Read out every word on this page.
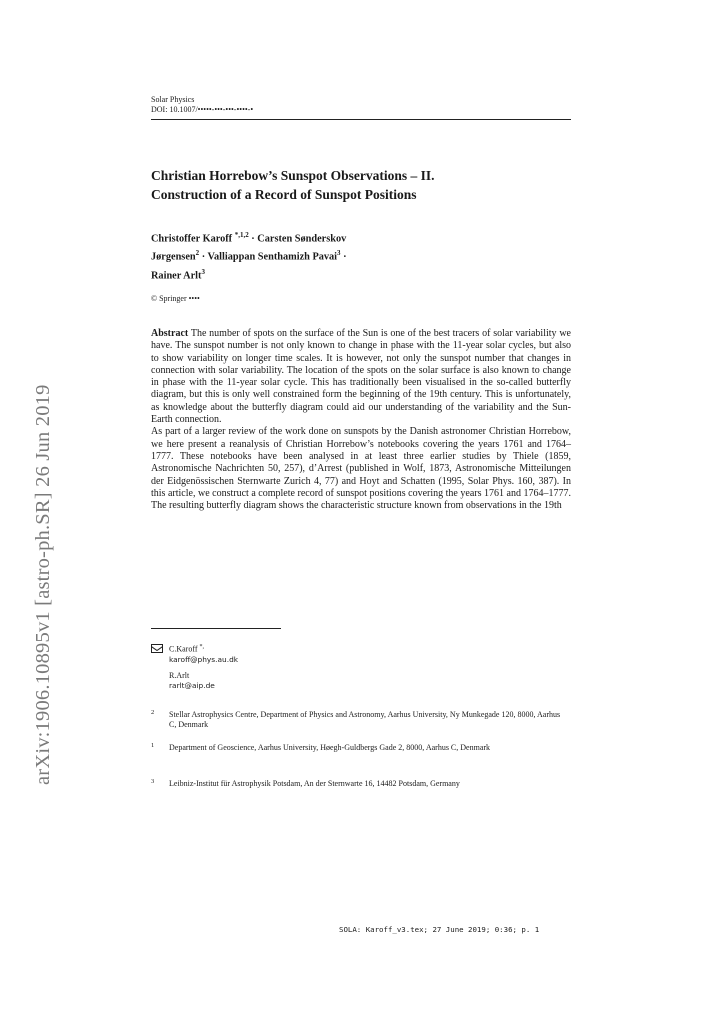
arXiv:1906.10895v1 [astro-ph.SR] 26 Jun 2019
Solar Physics
DOI: 10.1007/•••••-•••-•••-••••-•
Christian Horrebow’s Sunspot Observations – II.
Construction of a Record of Sunspot Positions
Christoffer Karoff $^{*,1,2}$ · Carsten Sønderskov
Jørgensen$^2$ · Valliappan Senthamizh Pavai$^3$ ·
Rainer Arlt$^3$
© Springer ••••

Abstract The number of spots on the surface of the Sun is one of the best tracers of solar variability we have. The sunspot number is not only known to change in phase with the 11-year solar cycles, but also to show variability on longer time scales. It is however, not only the sunspot number that changes in connection with solar variability. The location of the spots on the solar surface is also known to change in phase with the 11-year solar cycle. This has traditionally been visualised in the so-called butterfly diagram, but this is only well constrained form the beginning of the 19th century. This is unfortunately, as knowledge about the butterfly diagram could aid our understanding of the variability and the Sun-Earth connection.

As part of a larger review of the work done on sunspots by the Danish astronomer Christian Horrebow, we here present a reanalysis of Christian Horrebow’s notebooks covering the years 1761 and 1764–1777. These notebooks have been analysed in at least three earlier studies by Thiele (1859, Astronomische Nachrichten 50, 257), d’Arrest (published in Wolf, 1873, Astronomische Mitteilungen der Eidgenössischen Sternwarte Zurich 4, 77) and Hoyt and Schatten (1995, Solar Phys. 160, 387). In this article, we construct a complete record of sunspot positions covering the years 1761 and 1764–1777. The resulting butterfly diagram shows the characteristic structure known from observations in the 19th

C.Karoff *,
karoff@phys.au.dk
R.Arlt
rarlt@aip.de
2 Stellar Astrophysics Centre, Department of Physics and Astronomy, Aarhus University, Ny Munkegade 120, 8000, Aarhus C, Denmark
1 Department of Geoscience, Aarhus University, Høegh-Guldbergs Gade 2, 8000, Aarhus C, Denmark
3 Leibniz-Institut für Astrophysik Potsdam, An der Sternwarte 16, 14482 Potsdam, Germany
SOLA: Karoff_v3.tex; 27 June 2019; 0:36; p. 1
